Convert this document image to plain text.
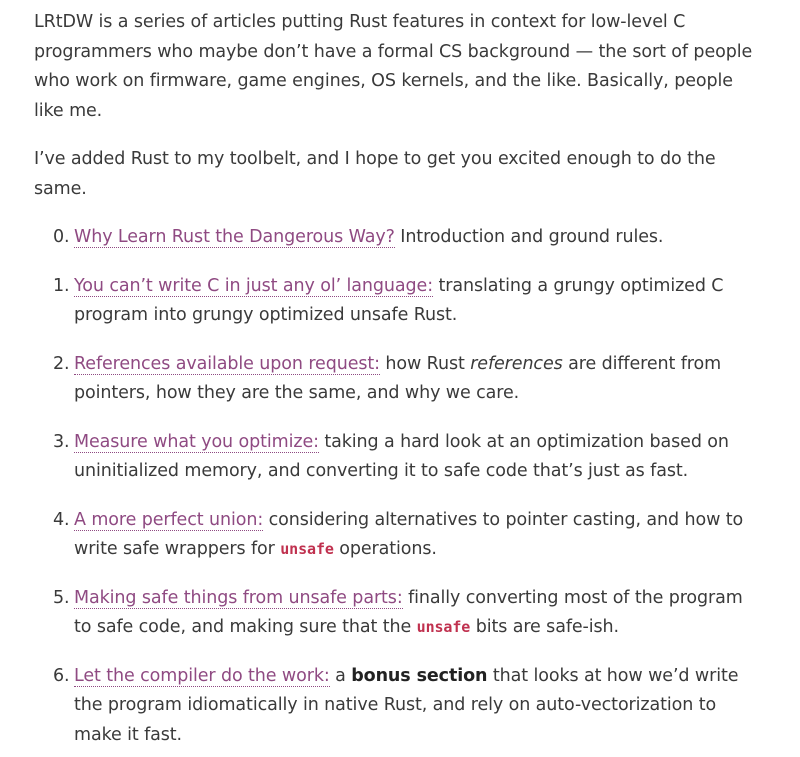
LRtDW is a series of articles putting Rust features in context for low-level C programmers who maybe don’t have a formal CS background — the sort of people who work on firmware, game engines, OS kernels, and the like. Basically, people like me.

I’ve added Rust to my toolbelt, and I hope to get you excited enough to do the same.

0. Why Learn Rust the Dangerous Way? Introduction and ground rules.
1. You can’t write C in just any ol’ language: translating a grungy optimized C program into grungy optimized unsafe Rust.
2. References available upon request: how Rust references are different from pointers, how they are the same, and why we care.
3. Measure what you optimize: taking a hard look at an optimization based on uninitialized memory, and converting it to safe code that’s just as fast.
4. A more perfect union: considering alternatives to pointer casting, and how to write safe wrappers for unsafe operations.
5. Making safe things from unsafe parts: finally converting most of the program to safe code, and making sure that the unsafe bits are safe-ish.
6. Let the compiler do the work: a bonus section that looks at how we’d write the program idiomatically in native Rust, and rely on auto-vectorization to make it fast.
